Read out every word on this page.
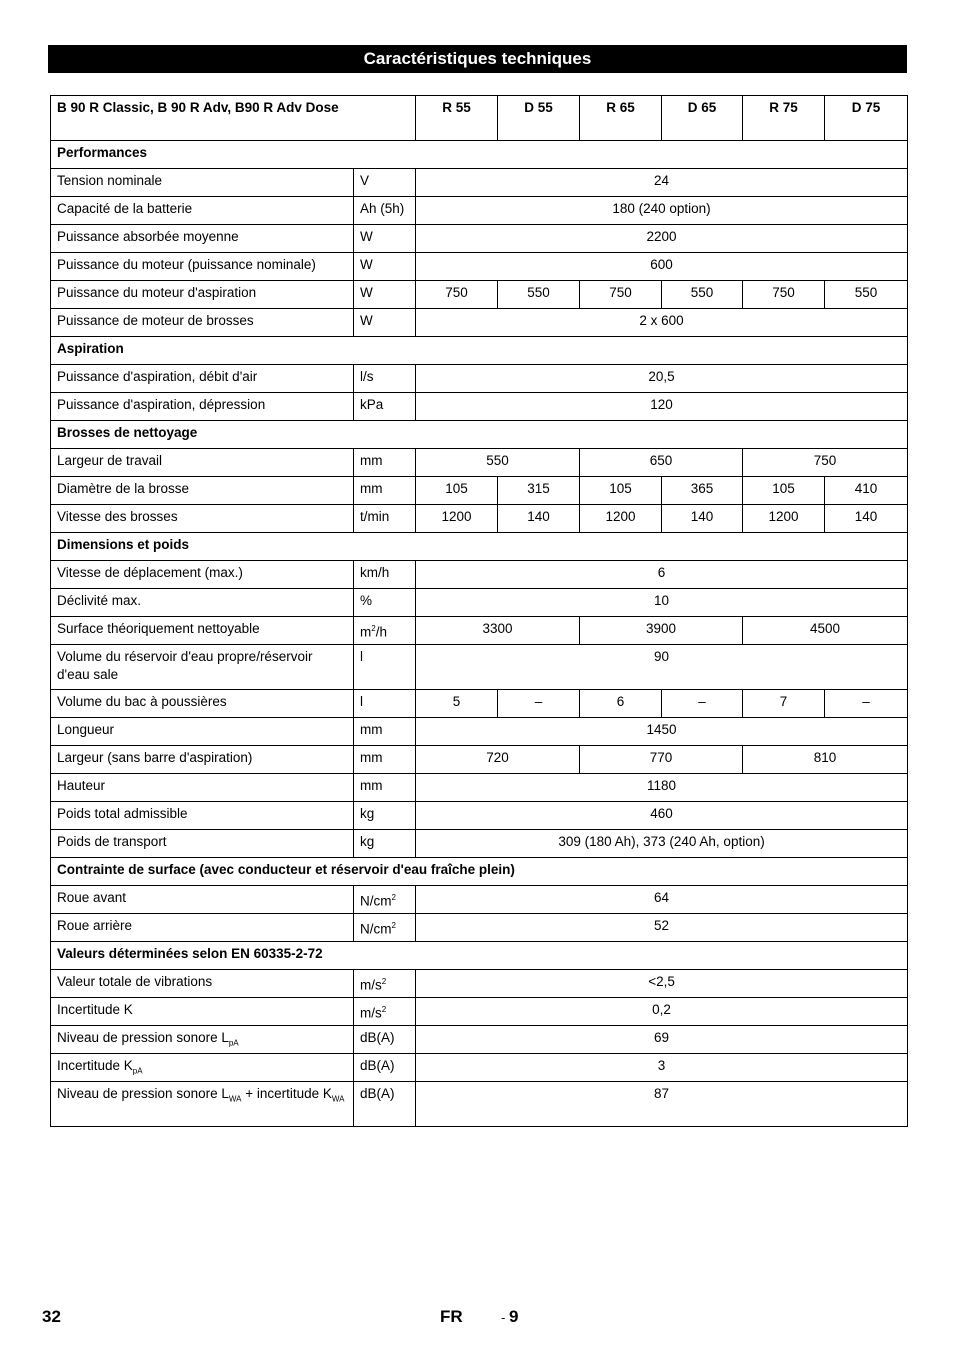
Caractéristiques techniques
B 90 R Classic, B 90 R Adv, B90 R Adv Dose		R 55	D 55	R 65	D 65	R 75	D 75
Performances							
Tension nominale	V	24					
Capacité de la batterie	Ah (5h)	180 (240 option)					
Puissance absorbée moyenne	W	2200					
Puissance du moteur (puissance nominale)	W	600					
Puissance du moteur d'aspiration	W	750	550	750	550	750	550
Puissance de moteur de brosses	W	2 x 600					
Aspiration							
Puissance d'aspiration, débit d'air	l/s	20,5					
Puissance d'aspiration, dépression	kPa	120					
Brosses de nettoyage							
Largeur de travail	mm	550		650		750	
Diamètre de la brosse	mm	105	315	105	365	105	410
Vitesse des brosses	t/min	1200	140	1200	140	1200	140
Dimensions et poids							
Vitesse de déplacement (max.)	km/h	6					
Déclivité max.	%	10					
Surface théoriquement nettoyable	$m^2/h$	3300		3900		4500	
Volume du réservoir d'eau propre/réservoir d'eau sale	l	90					
Volume du bac à poussières	l	5	–	6	–	7	–
Longueur	mm	1450					
Largeur (sans barre d'aspiration)	mm	720		770		810	
Hauteur	mm	1180					
Poids total admissible	kg	460					
Poids de transport	kg	309 (180 Ah), 373 (240 Ah, option)					
Contrainte de surface (avec conducteur et réservoir d'eau fraîche plein)							
Roue avant	$N/cm^2$	64					
Roue arrière	$N/cm^2$	52					
Valeurs déterminées selon EN 60335-2-72							
Valeur totale de vibrations	$m/s^2$	<2,5					
Incertitude K	$m/s^2$	0,2					
Niveau de pression sonore $L_{pA}$	dB(A)	69					
Incertitude $K_{pA}$	dB(A)	3					
Niveau de pression sonore $L_{WA}$ + incertitude $K_{WA}$	dB(A)	87					
32	FR	- 9
